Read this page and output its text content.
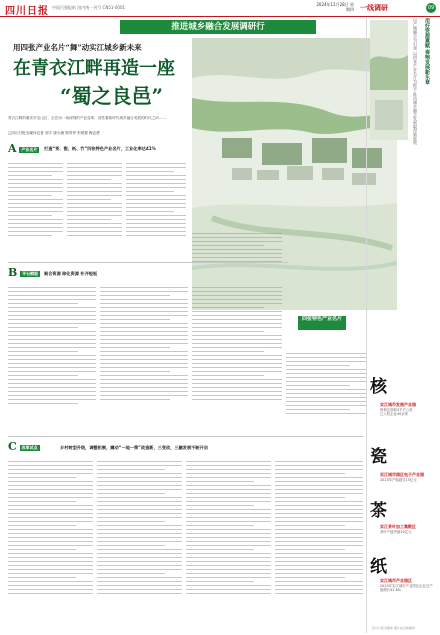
四川日报 中国百强报纸 国内统一刊号 CN51-0001
2024年11月28日 星期四 一线调研	09
推进城乡融合发展调研行
用四张产业名片“舞”动实江城乡新未来
在青衣江畔再造一座
“蜀之良邑”
青衣江畔的雅安市名山区，正在用一场深刻的产业变革，回答着新时代城乡融合发展的时代之问……
□四川日报全媒体记者 刘宇 唐小涵 熊青坪 朱明强 梅志勇
四张特色产业名片
A 产业名片	打造“茶、瓷、纸、竹”四张特色产业名片，工业化率达41%
B 平台赋能	聚合资源 除化资源 补齐短板
C 改革试点	乡村转型升级，调整机制，撬动“一地一策”改造新，三变改，三融发展不断开启
用好资源禀赋 奏响发展新乐章
以产城融合为引领 以四张产业名片为抓手 推动城乡融合发展取得新进展
核
实江城市发展产业园
规划总面积3平方公里
已入驻企业40余家
瓷
实江城市园区电子产业园
2023年产值超过15亿元
茶
实江茶叶加工集散区
茶叶产值突破10亿元
纸
实江城市产业园区
2023年实江城市产业园区企业总产值增长42.8%
四川日报全媒体 图片由当地提供
